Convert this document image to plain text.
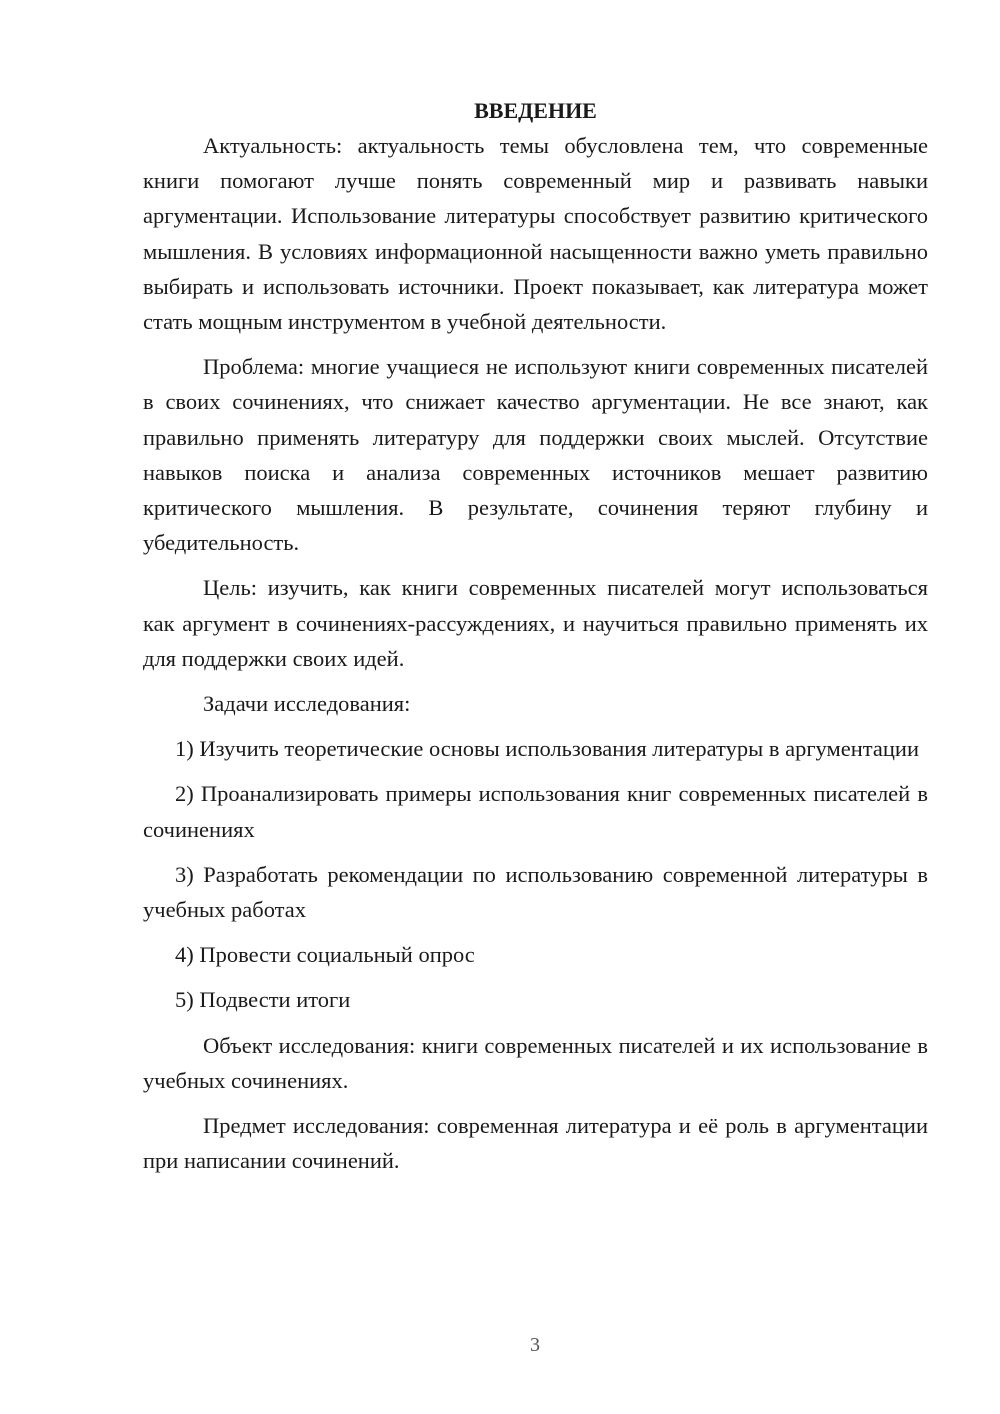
ВВЕДЕНИЕ

Актуальность: актуальность темы обусловлена тем, что современные книги помогают лучше понять современный мир и развивать навыки аргументации. Использование литературы способствует развитию критического мышления. В условиях информационной насыщенности важно уметь правильно выбирать и использовать источники. Проект показывает, как литература может стать мощным инструментом в учебной деятельности.

Проблема: многие учащиеся не используют книги современных писателей в своих сочинениях, что снижает качество аргументации. Не все знают, как правильно применять литературу для поддержки своих мыслей. Отсутствие навыков поиска и анализа современных источников мешает развитию критического мышления. В результате, сочинения теряют глубину и убедительность.

Цель: изучить, как книги современных писателей могут использоваться как аргумент в сочинениях-рассуждениях, и научиться правильно применять их для поддержки своих идей.

Задачи исследования:

1) Изучить теоретические основы использования литературы в аргументации

2) Проанализировать примеры использования книг современных писателей в сочинениях

3) Разработать рекомендации по использованию современной литературы в учебных работах

4) Провести социальный опрос

5) Подвести итоги

Объект исследования: книги современных писателей и их использование в учебных сочинениях.

Предмет исследования: современная литература и её роль в аргументации при написании сочинений.

3
